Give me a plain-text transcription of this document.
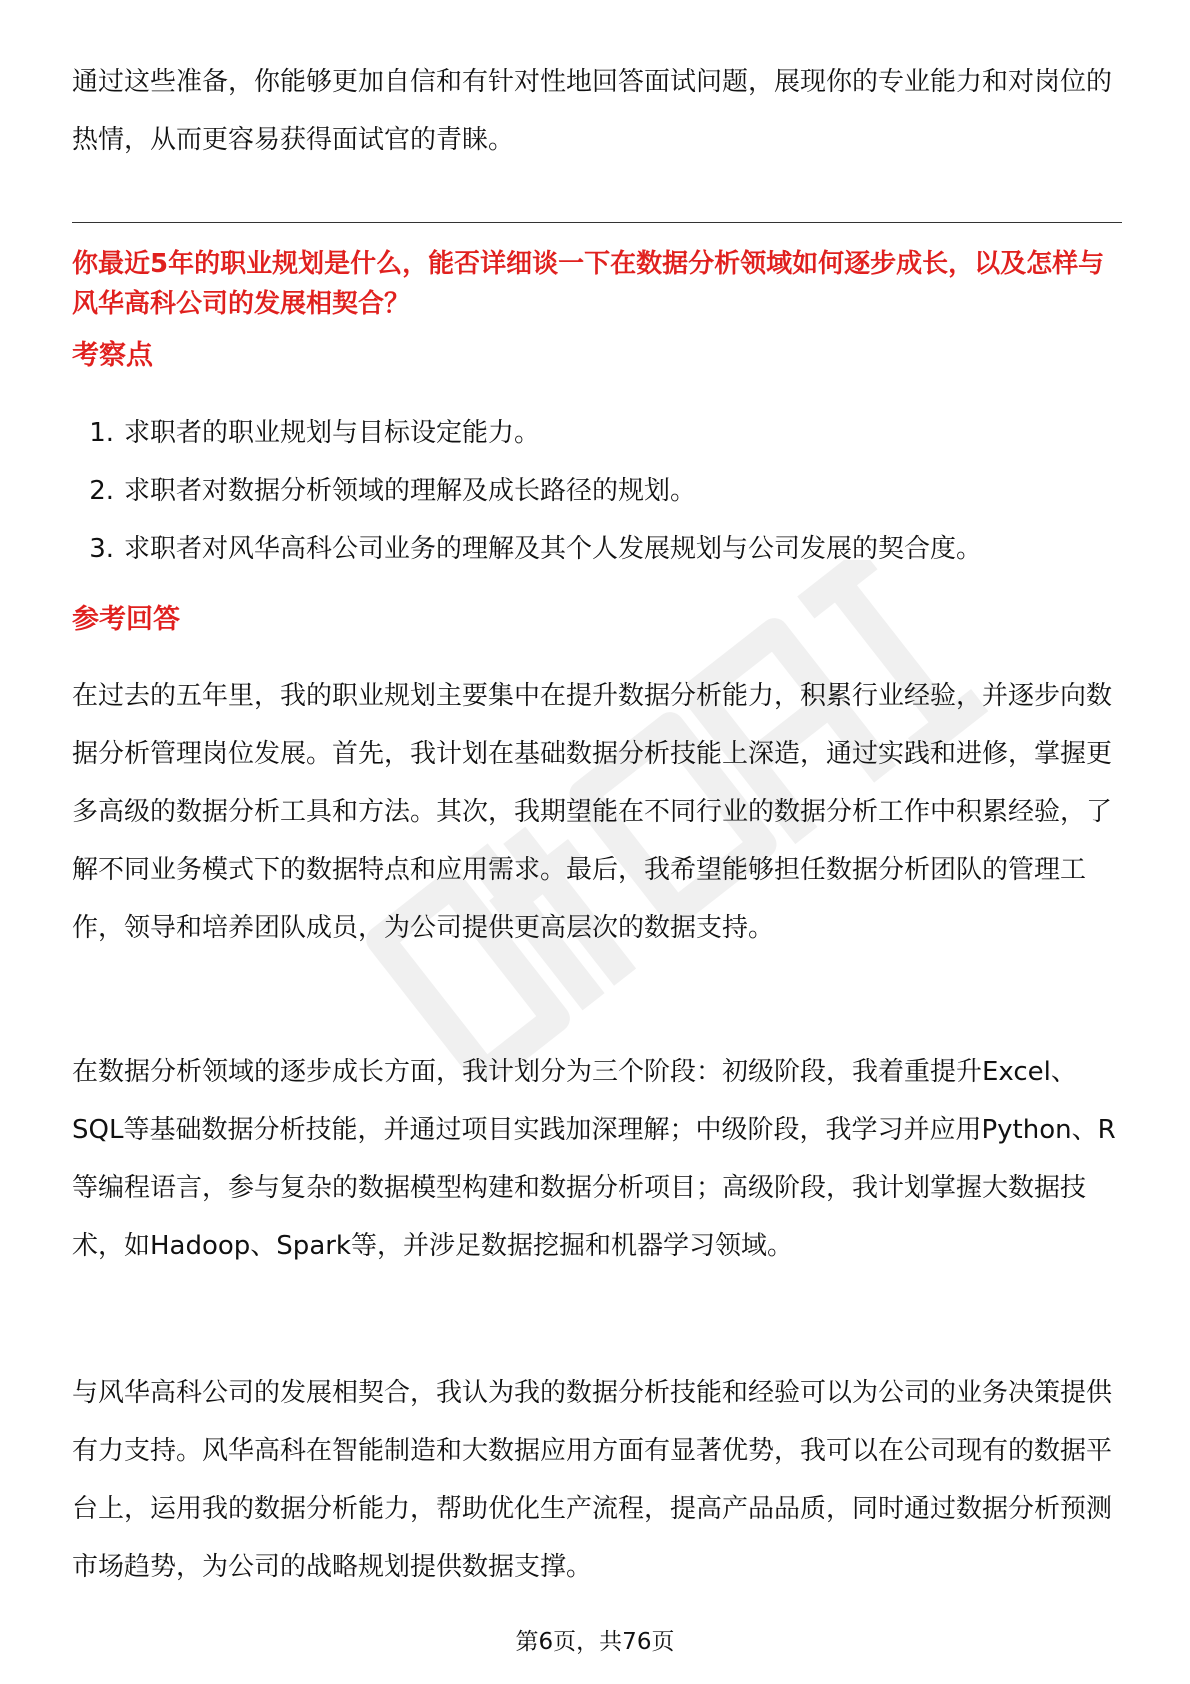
通过这些准备，你能够更加自信和有针对性地回答面试问题，展现你的专业能力和对岗位的热情，从而更容易获得面试官的青睐。

你最近5年的职业规划是什么，能否详细谈一下在数据分析领域如何逐步成长，以及怎样与风华高科公司的发展相契合？
考察点
1. 求职者的职业规划与目标设定能力。
2. 求职者对数据分析领域的理解及成长路径的规划。
3. 求职者对风华高科公司业务的理解及其个人发展规划与公司发展的契合度。
参考回答

在过去的五年里，我的职业规划主要集中在提升数据分析能力，积累行业经验，并逐步向数据分析管理岗位发展。首先，我计划在基础数据分析技能上深造，通过实践和进修，掌握更多高级的数据分析工具和方法。其次，我期望能在不同行业的数据分析工作中积累经验，了解不同业务模式下的数据特点和应用需求。最后，我希望能够担任数据分析团队的管理工作，领导和培养团队成员，为公司提供更高层次的数据支持。

在数据分析领域的逐步成长方面，我计划分为三个阶段：初级阶段，我着重提升Excel、SQL等基础数据分析技能，并通过项目实践加深理解；中级阶段，我学习并应用Python、R等编程语言，参与复杂的数据模型构建和数据分析项目；高级阶段，我计划掌握大数据技术，如Hadoop、Spark等，并涉足数据挖掘和机器学习领域。

与风华高科公司的发展相契合，我认为我的数据分析技能和经验可以为公司的业务决策提供有力支持。风华高科在智能制造和大数据应用方面有显著优势，我可以在公司现有的数据平台上，运用我的数据分析能力，帮助优化生产流程，提高产品品质，同时通过数据分析预测市场趋势，为公司的战略规划提供数据支撑。

第6页，共76页
